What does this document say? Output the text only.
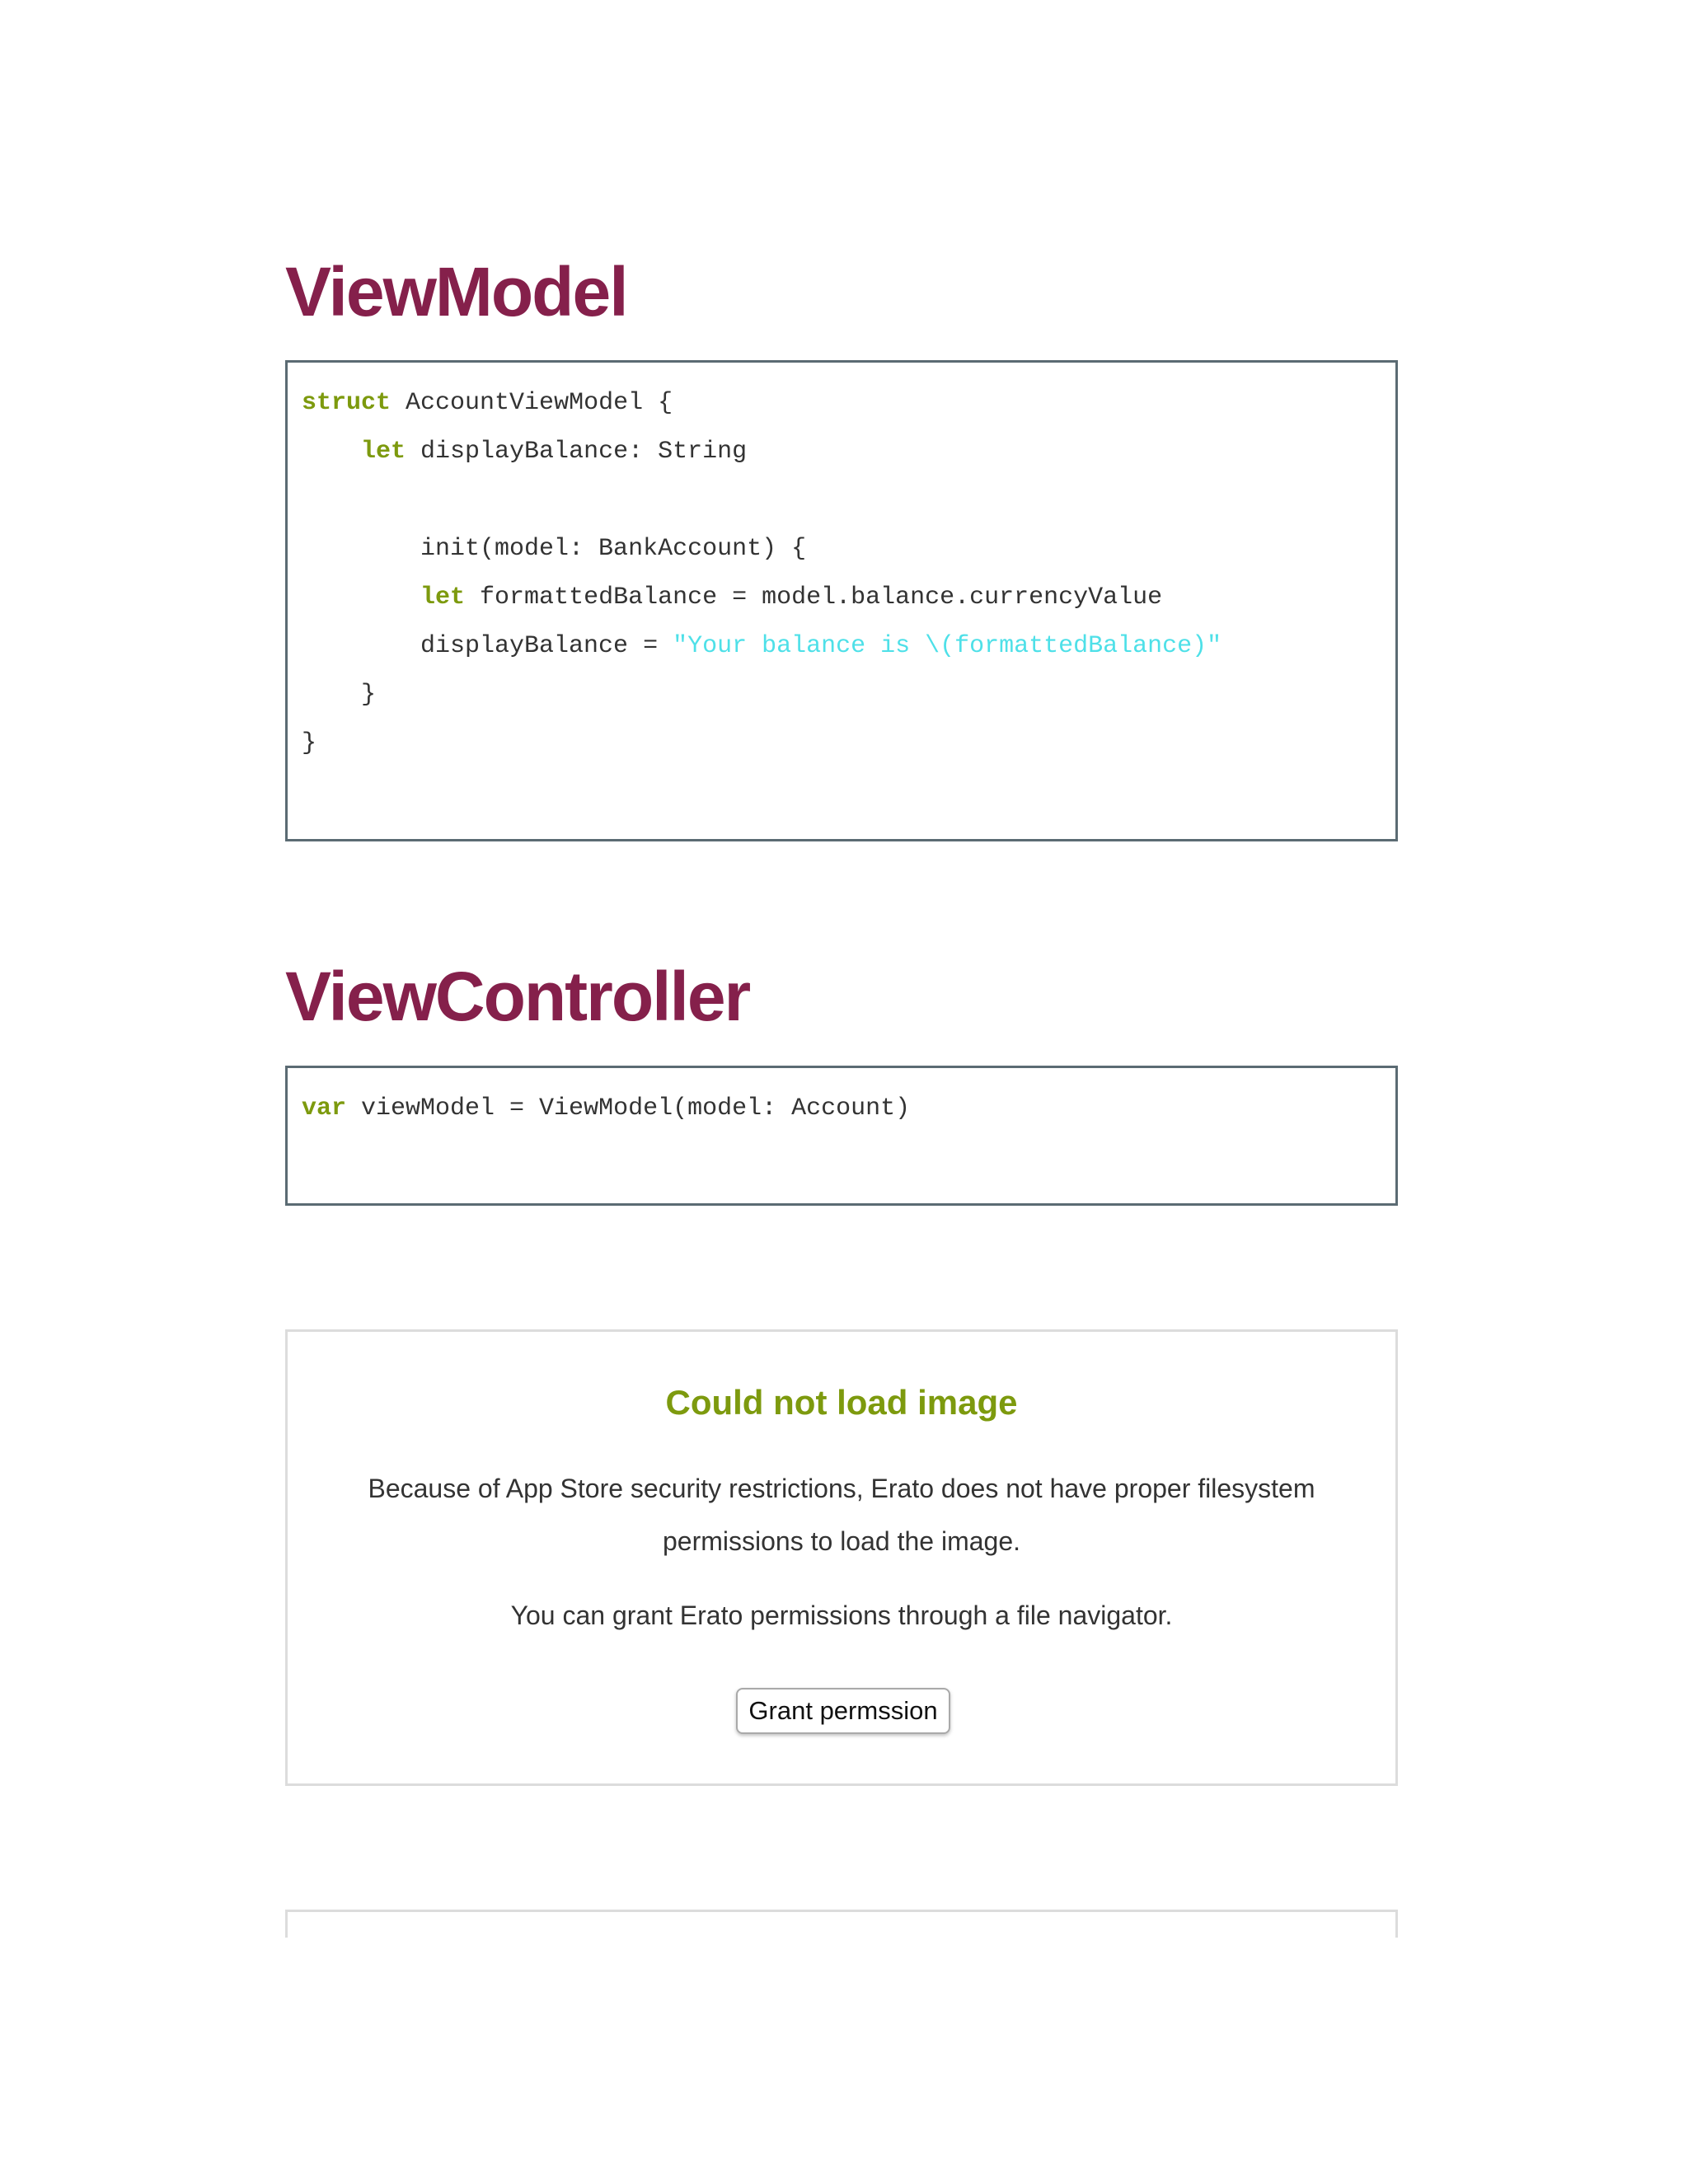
ViewModel
struct AccountViewModel {
let displayBalance: String
init(model: BankAccount) {
let formattedBalance = model.balance.currencyValue
displayBalance = "Your balance is \(formattedBalance)"
}
}
ViewController
var viewModel = ViewModel(model: Account)
Could not load image

Because of App Store security restrictions, Erato does not have proper filesystem permissions to load the image.

You can grant Erato permissions through a file navigator.

Grant permssion
